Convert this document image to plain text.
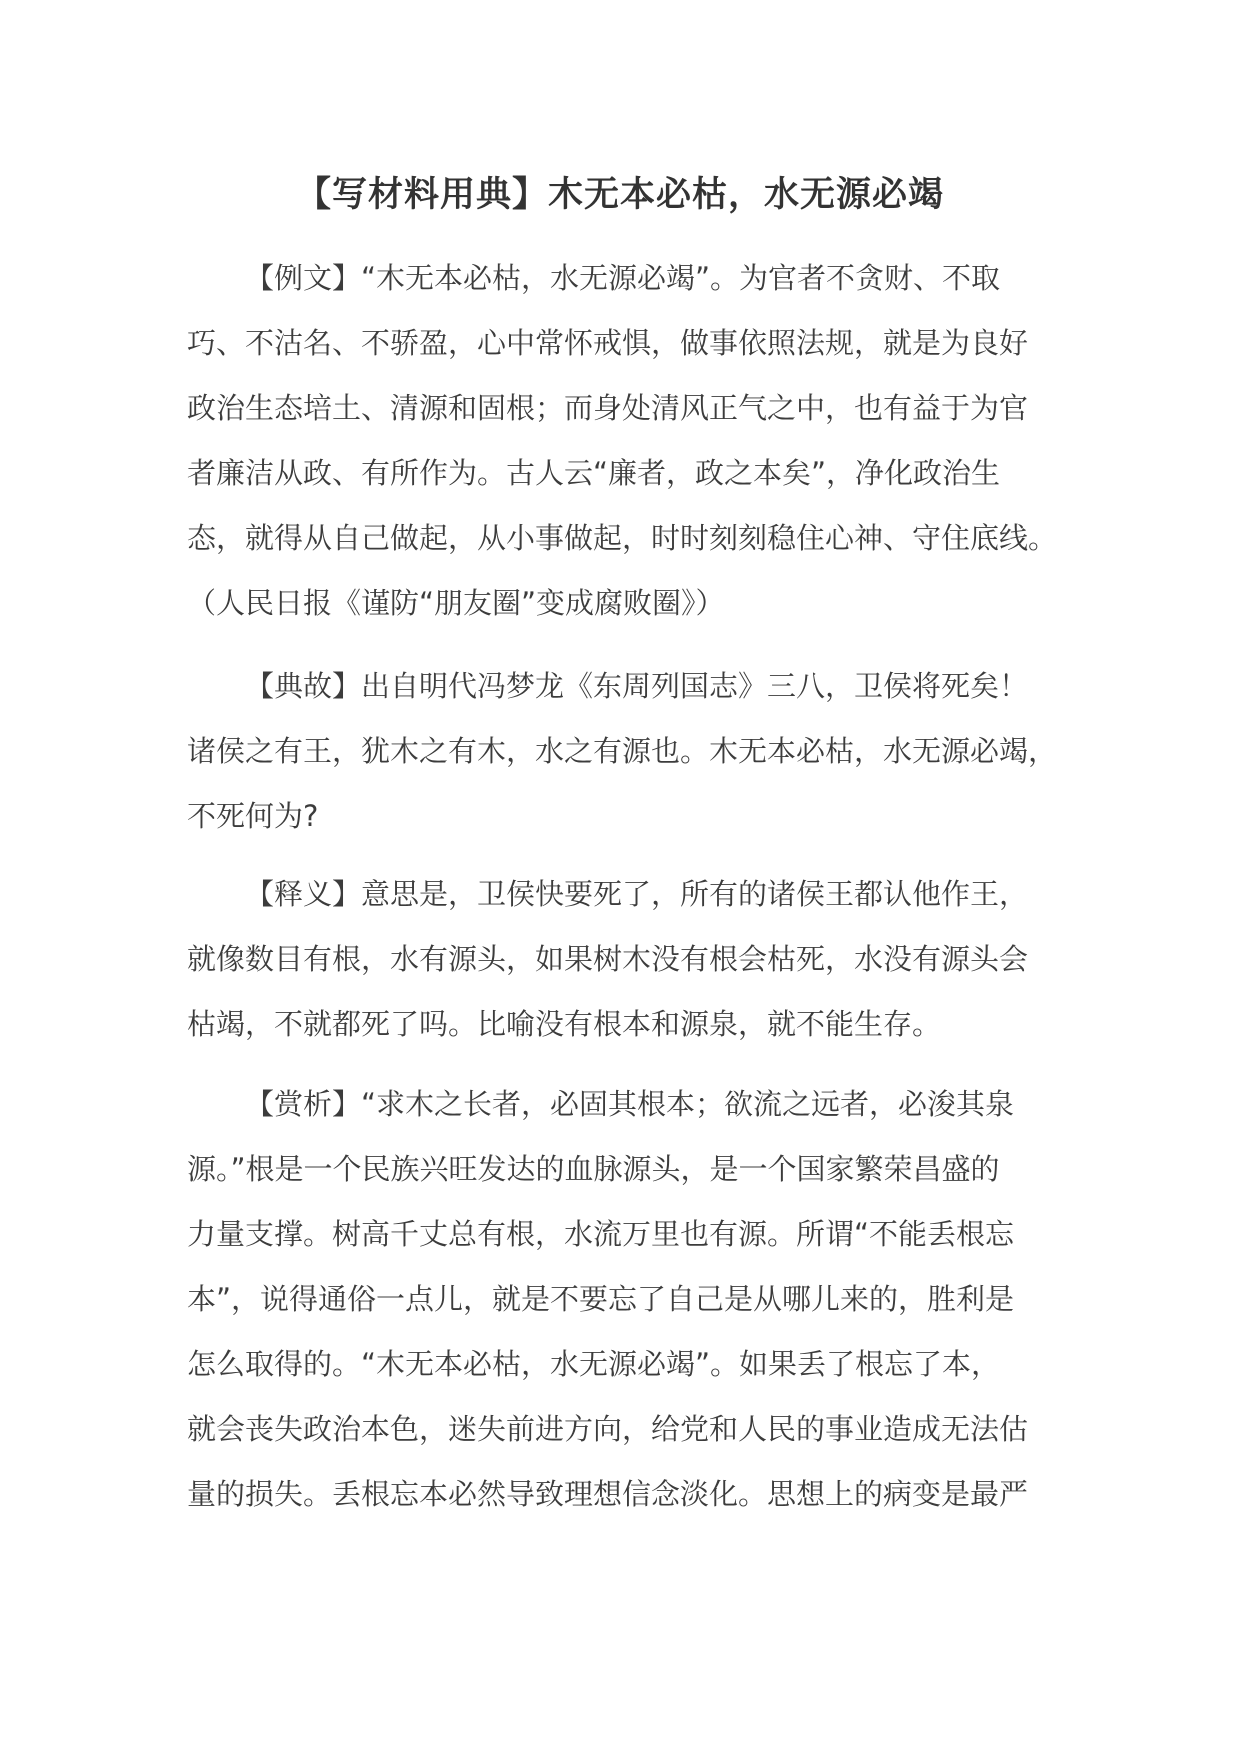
【写材料用典】木无本必枯，水无源必竭
【例文】“木无本必枯，水无源必竭”。为官者不贪财、不取
巧、不沽名、不骄盈，心中常怀戒惧，做事依照法规，就是为良好
政治生态培土、清源和固根；而身处清风正气之中，也有益于为官
者廉洁从政、有所作为。古人云“廉者，政之本矣”，净化政治生
态，就得从自己做起，从小事做起，时时刻刻稳住心神、守住底线。
（人民日报《谨防“朋友圈”变成腐败圈》）
【典故】出自明代冯梦龙《东周列国志》三八，卫侯将死矣！
诸侯之有王，犹木之有木，水之有源也。木无本必枯，水无源必竭，
不死何为?
【释义】意思是，卫侯快要死了，所有的诸侯王都认他作王，
就像数目有根，水有源头，如果树木没有根会枯死，水没有源头会
枯竭，不就都死了吗。比喻没有根本和源泉，就不能生存。
【赏析】“求木之长者，必固其根本；欲流之远者，必浚其泉
源。”根是一个民族兴旺发达的血脉源头，是一个国家繁荣昌盛的
力量支撑。树高千丈总有根，水流万里也有源。所谓“不能丢根忘
本”，说得通俗一点儿，就是不要忘了自己是从哪儿来的，胜利是
怎么取得的。“木无本必枯，水无源必竭”。如果丢了根忘了本，
就会丧失政治本色，迷失前进方向，给党和人民的事业造成无法估
量的损失。丢根忘本必然导致理想信念淡化。思想上的病变是最严
